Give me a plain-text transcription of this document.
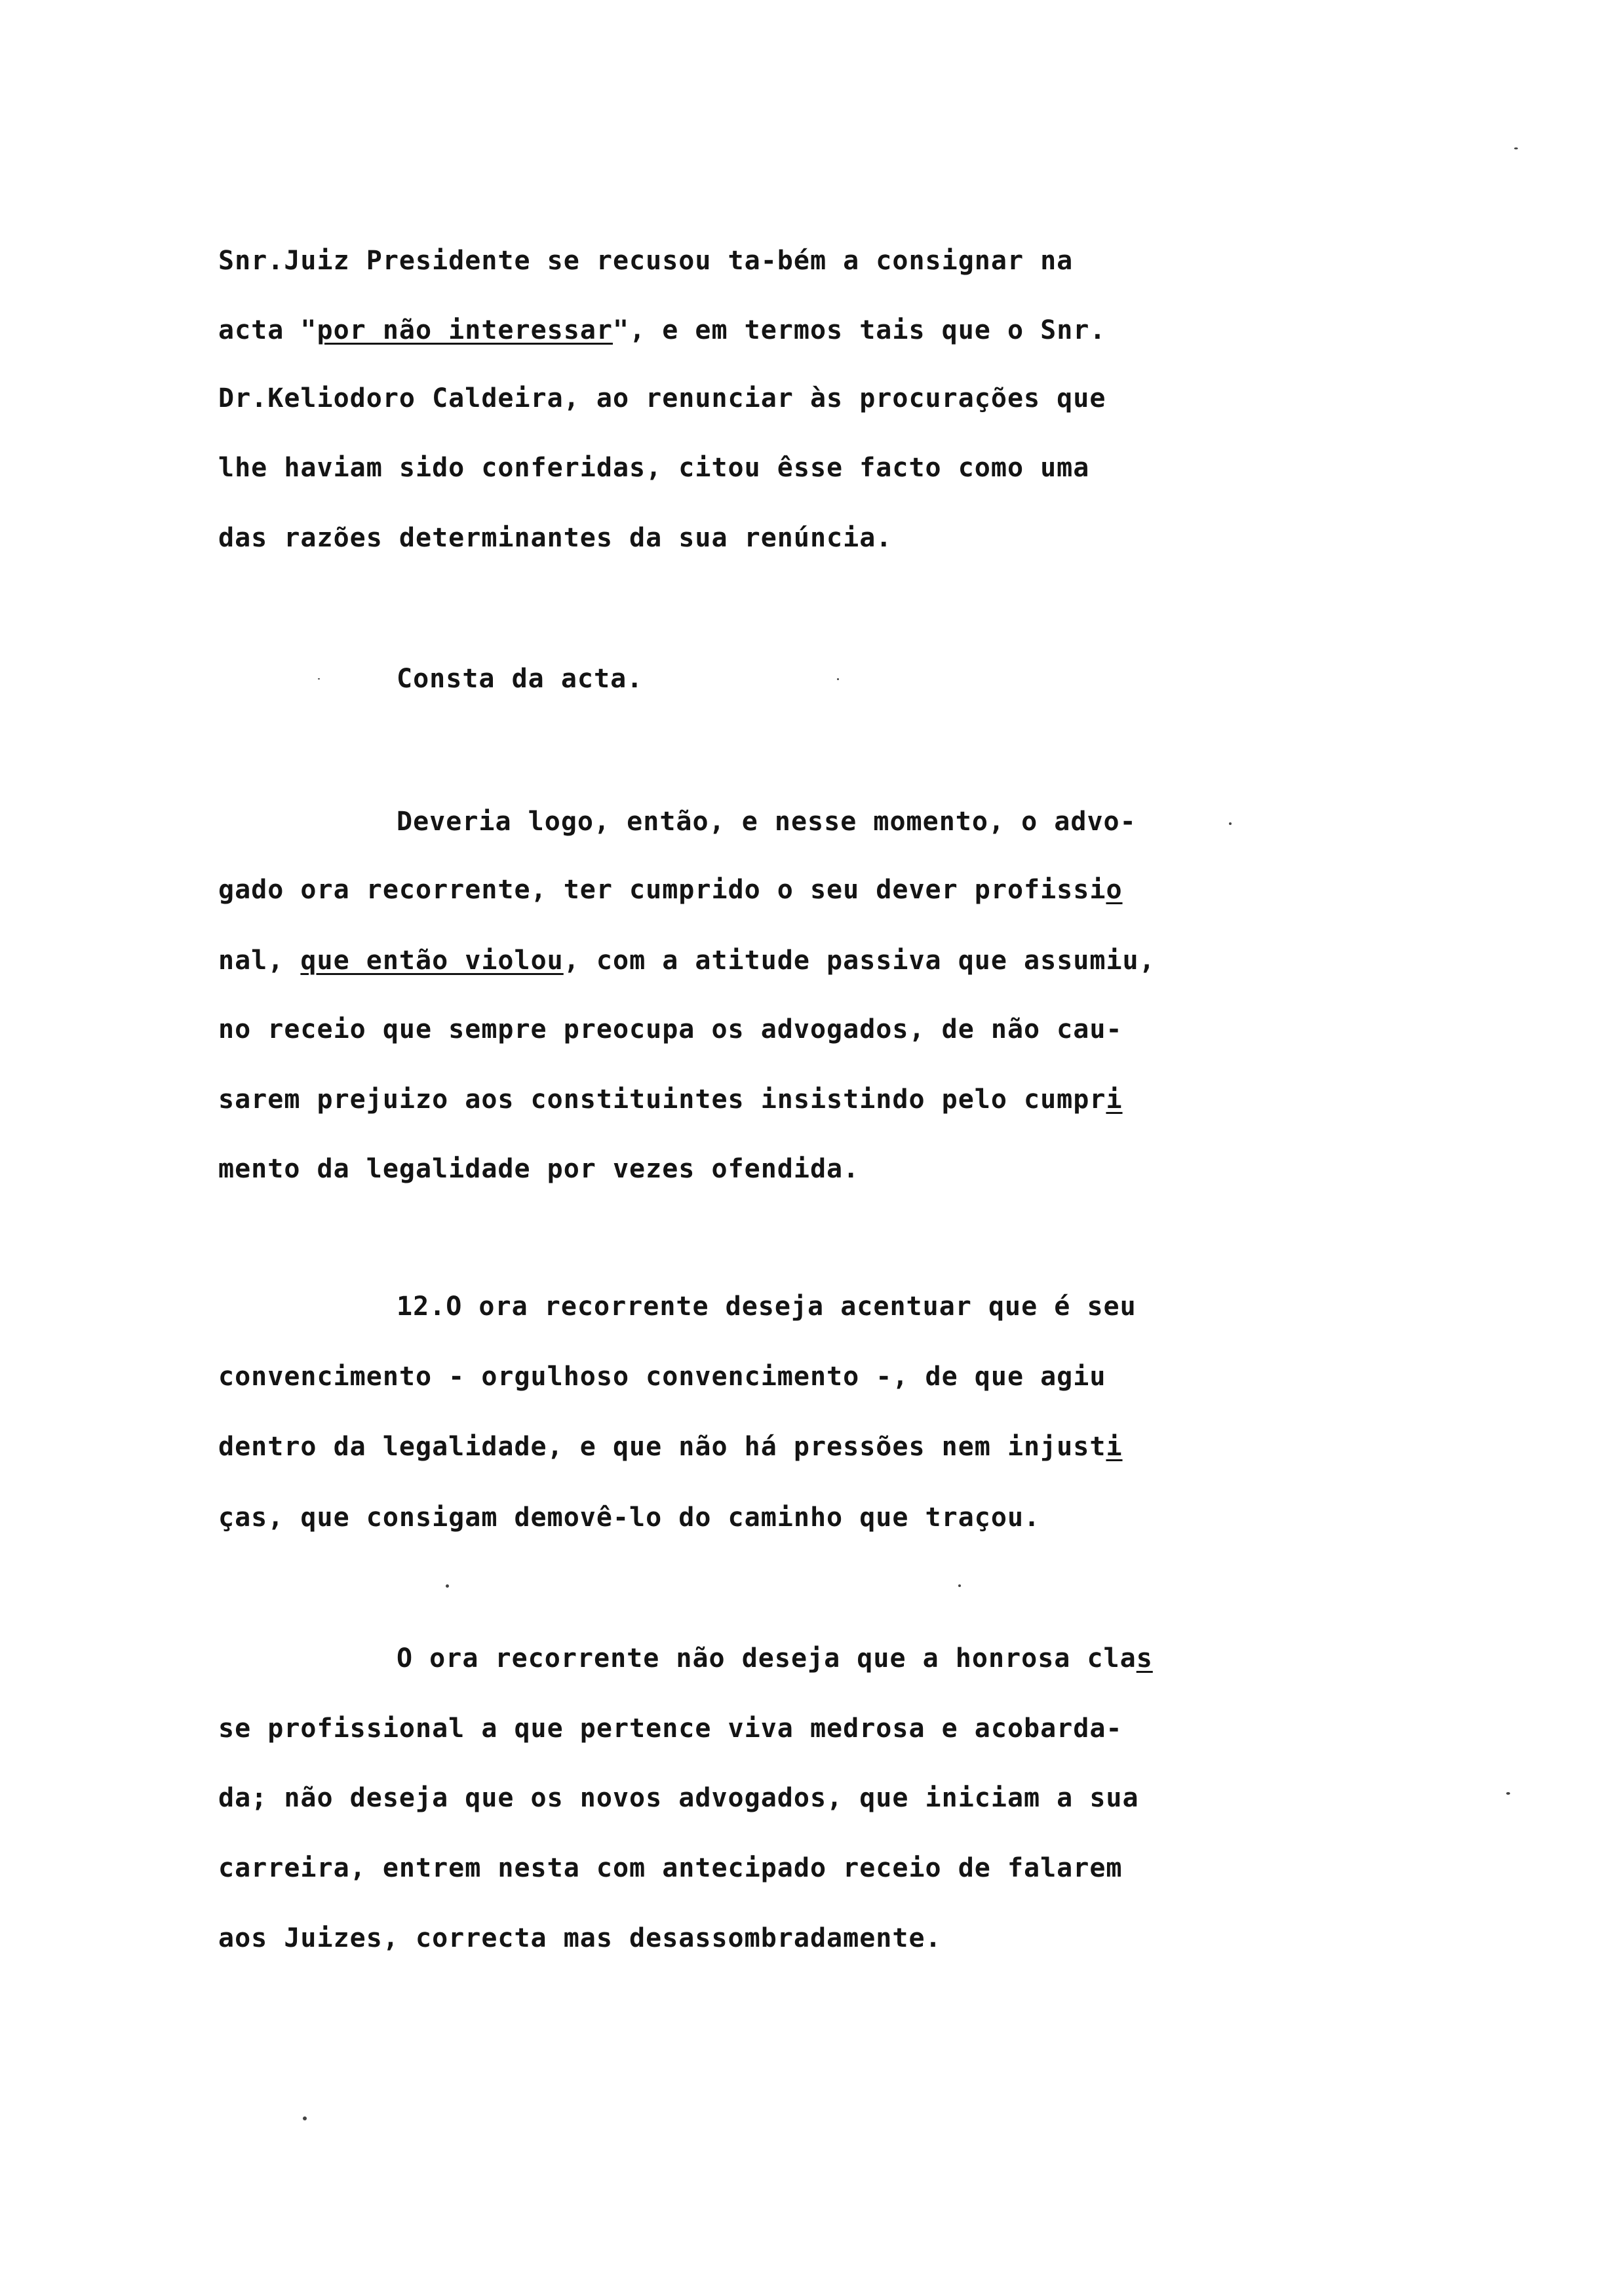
Snr.Juiz Presidente se recusou ta-bém a consignar na
acta "por não interessar", e em termos tais que o Snr.
Dr.Keliodoro Caldeira, ao renunciar às procurações que
lhe haviam sido conferidas, citou êsse facto como uma
das razões determinantes da sua renúncia.
Consta da acta.
Deveria logo, então, e nesse momento, o advo-
gado ora recorrente, ter cumprido o seu dever profissio
nal, que então violou, com a atitude passiva que assumiu,
no receio que sempre preocupa os advogados, de não cau-
sarem prejuizo aos constituintes insistindo pelo cumpri
mento da legalidade por vezes ofendida.
12.O ora recorrente deseja acentuar que é seu
convencimento - orgulhoso convencimento -, de que agiu
dentro da legalidade, e que não há pressões nem injusti
ças, que consigam demovê-lo do caminho que traçou.
O ora recorrente não deseja que a honrosa clas
se profissional a que pertence viva medrosa e acobarda-
da; não deseja que os novos advogados, que iniciam a sua
carreira, entrem nesta com antecipado receio de falarem
aos Juizes, correcta mas desassombradamente.
